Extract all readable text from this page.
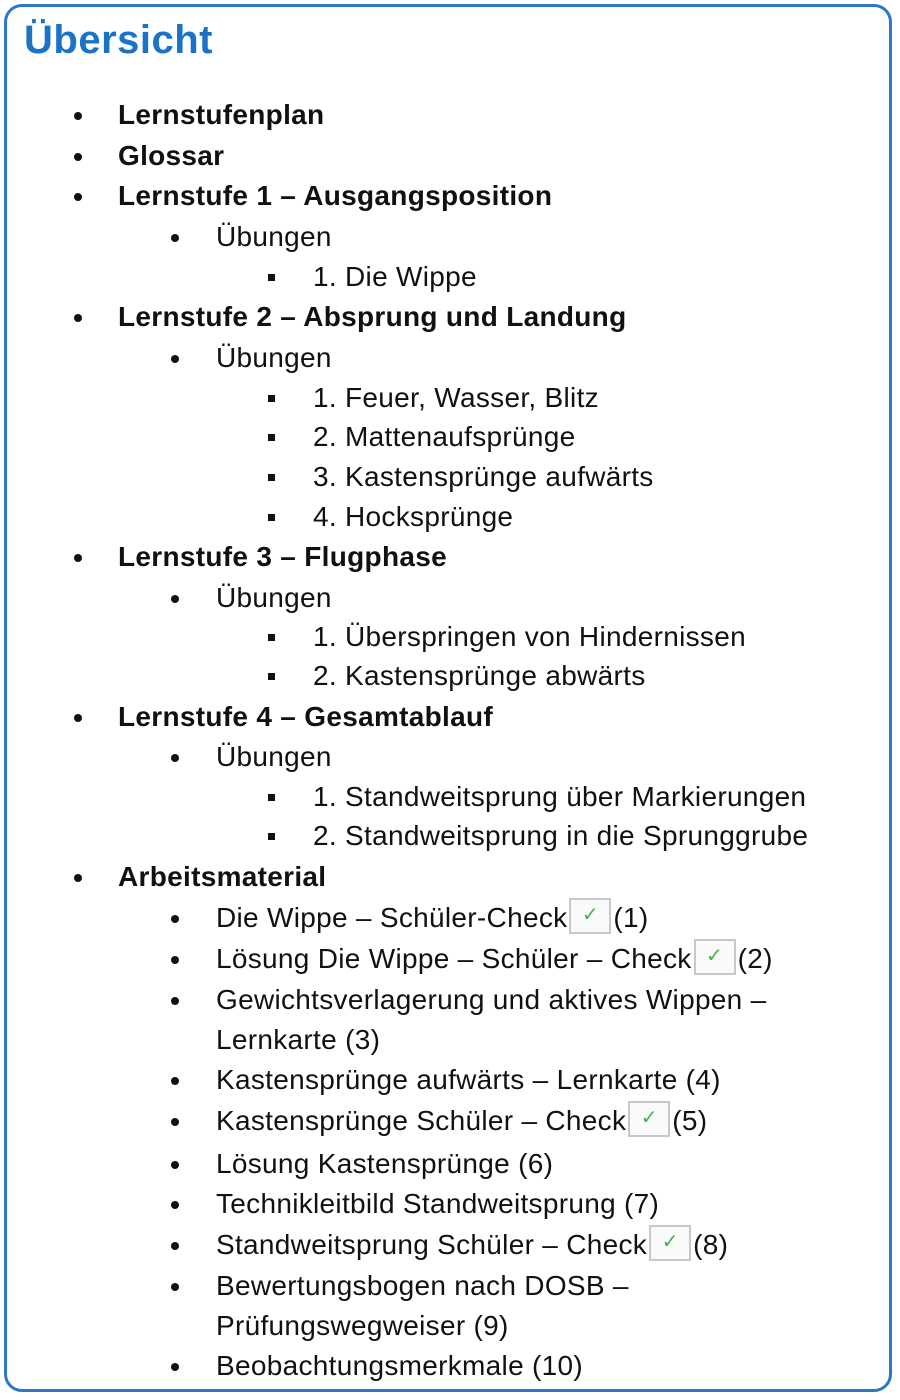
Übersicht
Lernstufenplan
Glossar
Lernstufe 1 – Ausgangsposition
Übungen
1. Die Wippe
Lernstufe 2 – Absprung und Landung
Übungen
1. Feuer, Wasser, Blitz
2. Mattenaufsprünge
3. Kastensprünge aufwärts
4. Hocksprünge
Lernstufe 3 – Flugphase
Übungen
1. Überspringen von Hindernissen
2. Kastensprünge abwärts
Lernstufe 4 – Gesamtablauf
Übungen
1. Standweitsprung über Markierungen
2. Standweitsprung in die Sprunggrube
Arbeitsmaterial
Die Wippe – Schüler-Check ✓ (1)
Lösung Die Wippe – Schüler – Check ✓ (2)
Gewichtsverlagerung und aktives Wippen –
Lernkarte (3)
Kastensprünge aufwärts – Lernkarte (4)
Kastensprünge Schüler – Check ✓ (5)
Lösung Kastensprünge (6)
Technikleitbild Standweitsprung (7)
Standweitsprung Schüler – Check ✓ (8)
Bewertungsbogen nach DOSB –
Prüfungswegweiser (9)
Beobachtungsmerkmale (10)
